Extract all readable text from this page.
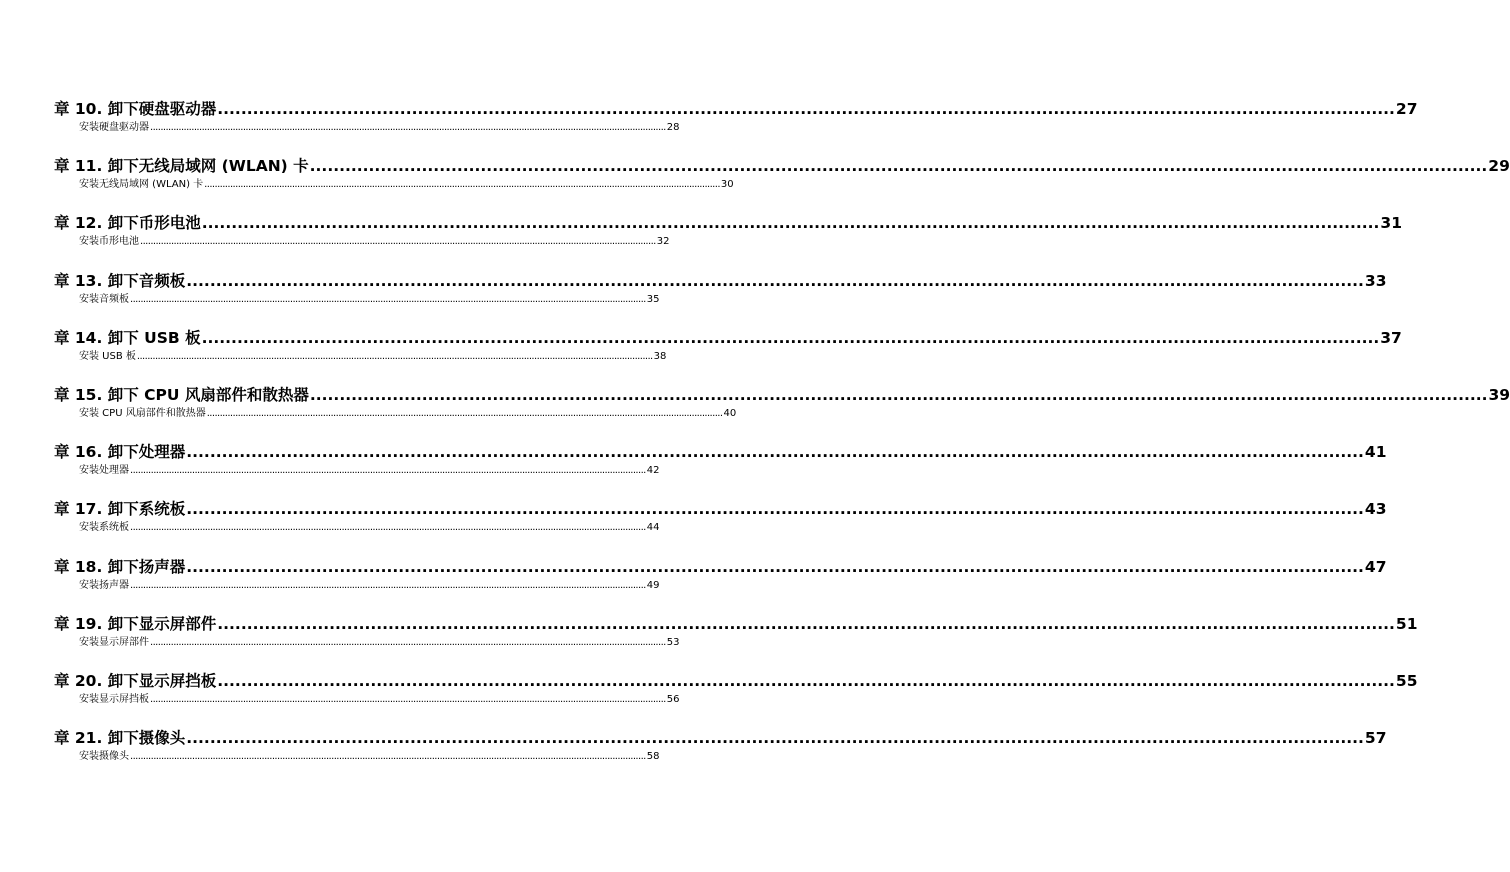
章 10. 卸下硬盘驱动器 ........................................................................................................................................................................................................ 27
安装硬盘驱动器 ........................................................................................................................................................................................................ 28
章 11. 卸下无线局域网 (WLAN) 卡 ........................................................................................................................................................................................................ 29
安装无线局域网 (WLAN) 卡 ........................................................................................................................................................................................................ 30
章 12. 卸下币形电池 ........................................................................................................................................................................................................ 31
安装币形电池 ........................................................................................................................................................................................................ 32
章 13. 卸下音频板 ........................................................................................................................................................................................................ 33
安装音频板 ........................................................................................................................................................................................................ 35
章 14. 卸下 USB 板 ........................................................................................................................................................................................................ 37
安装 USB 板 ........................................................................................................................................................................................................ 38
章 15. 卸下 CPU 风扇部件和散热器 ........................................................................................................................................................................................................ 39
安装 CPU 风扇部件和散热器 ........................................................................................................................................................................................................ 40
章 16. 卸下处理器 ........................................................................................................................................................................................................ 41
安装处理器 ........................................................................................................................................................................................................ 42
章 17. 卸下系统板 ........................................................................................................................................................................................................ 43
安装系统板 ........................................................................................................................................................................................................ 44
章 18. 卸下扬声器 ........................................................................................................................................................................................................ 47
安装扬声器 ........................................................................................................................................................................................................ 49
章 19. 卸下显示屏部件 ........................................................................................................................................................................................................ 51
安装显示屏部件 ........................................................................................................................................................................................................ 53
章 20. 卸下显示屏挡板 ........................................................................................................................................................................................................ 55
安装显示屏挡板 ........................................................................................................................................................................................................ 56
章 21. 卸下摄像头 ........................................................................................................................................................................................................ 57
安装摄像头 ........................................................................................................................................................................................................ 58
